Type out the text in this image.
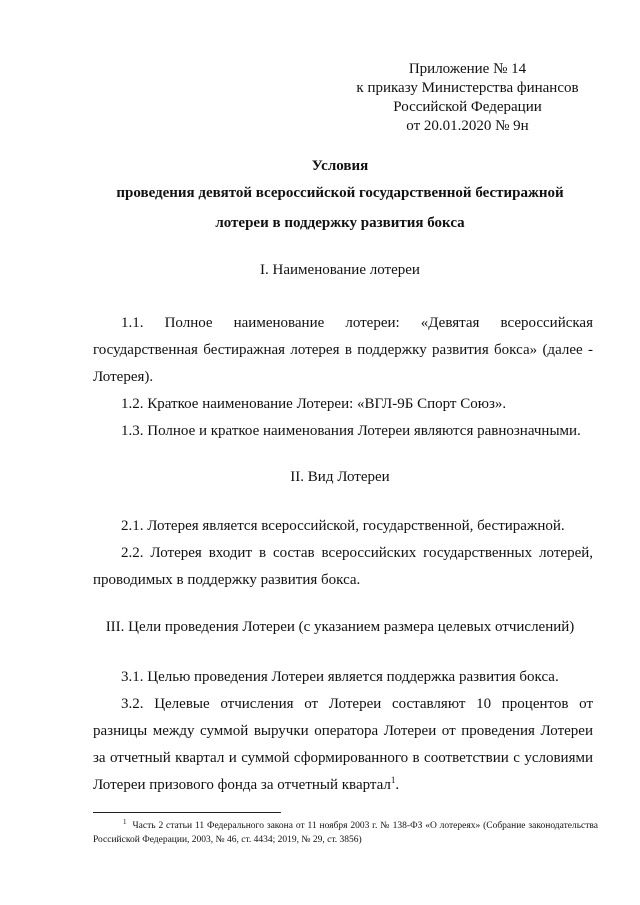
Приложение № 14
к приказу Министерства финансов
Российской Федерации
от 20.01.2020 № 9н
Условия
проведения девятой всероссийской государственной бестиражной
лотереи в поддержку развития бокса
I. Наименование лотереи
1.1. Полное наименование лотереи: «Девятая всероссийская государственная бестиражная лотерея в поддержку развития бокса» (далее - Лотерея).
1.2. Краткое наименование Лотереи: «ВГЛ-9Б Спорт Союз».
1.3. Полное и краткое наименования Лотереи являются равнозначными.
II. Вид Лотереи
2.1. Лотерея является всероссийской, государственной, бестиражной.
2.2. Лотерея входит в состав всероссийских государственных лотерей, проводимых в поддержку развития бокса.
III. Цели проведения Лотереи (с указанием размера целевых отчислений)
3.1. Целью проведения Лотереи является поддержка развития бокса.
3.2. Целевые отчисления от Лотереи составляют 10 процентов от разницы между суммой выручки оператора Лотереи от проведения Лотереи за отчетный квартал и суммой сформированного в соответствии с условиями Лотереи призового фонда за отчетный квартал$^1$.
$^1$ Часть 2 статьи 11 Федерального закона от 11 ноября 2003 г. № 138-ФЗ «О лотереях» (Собрание законодательства Российской Федерации, 2003, № 46, ст. 4434; 2019, № 29, ст. 3856)
